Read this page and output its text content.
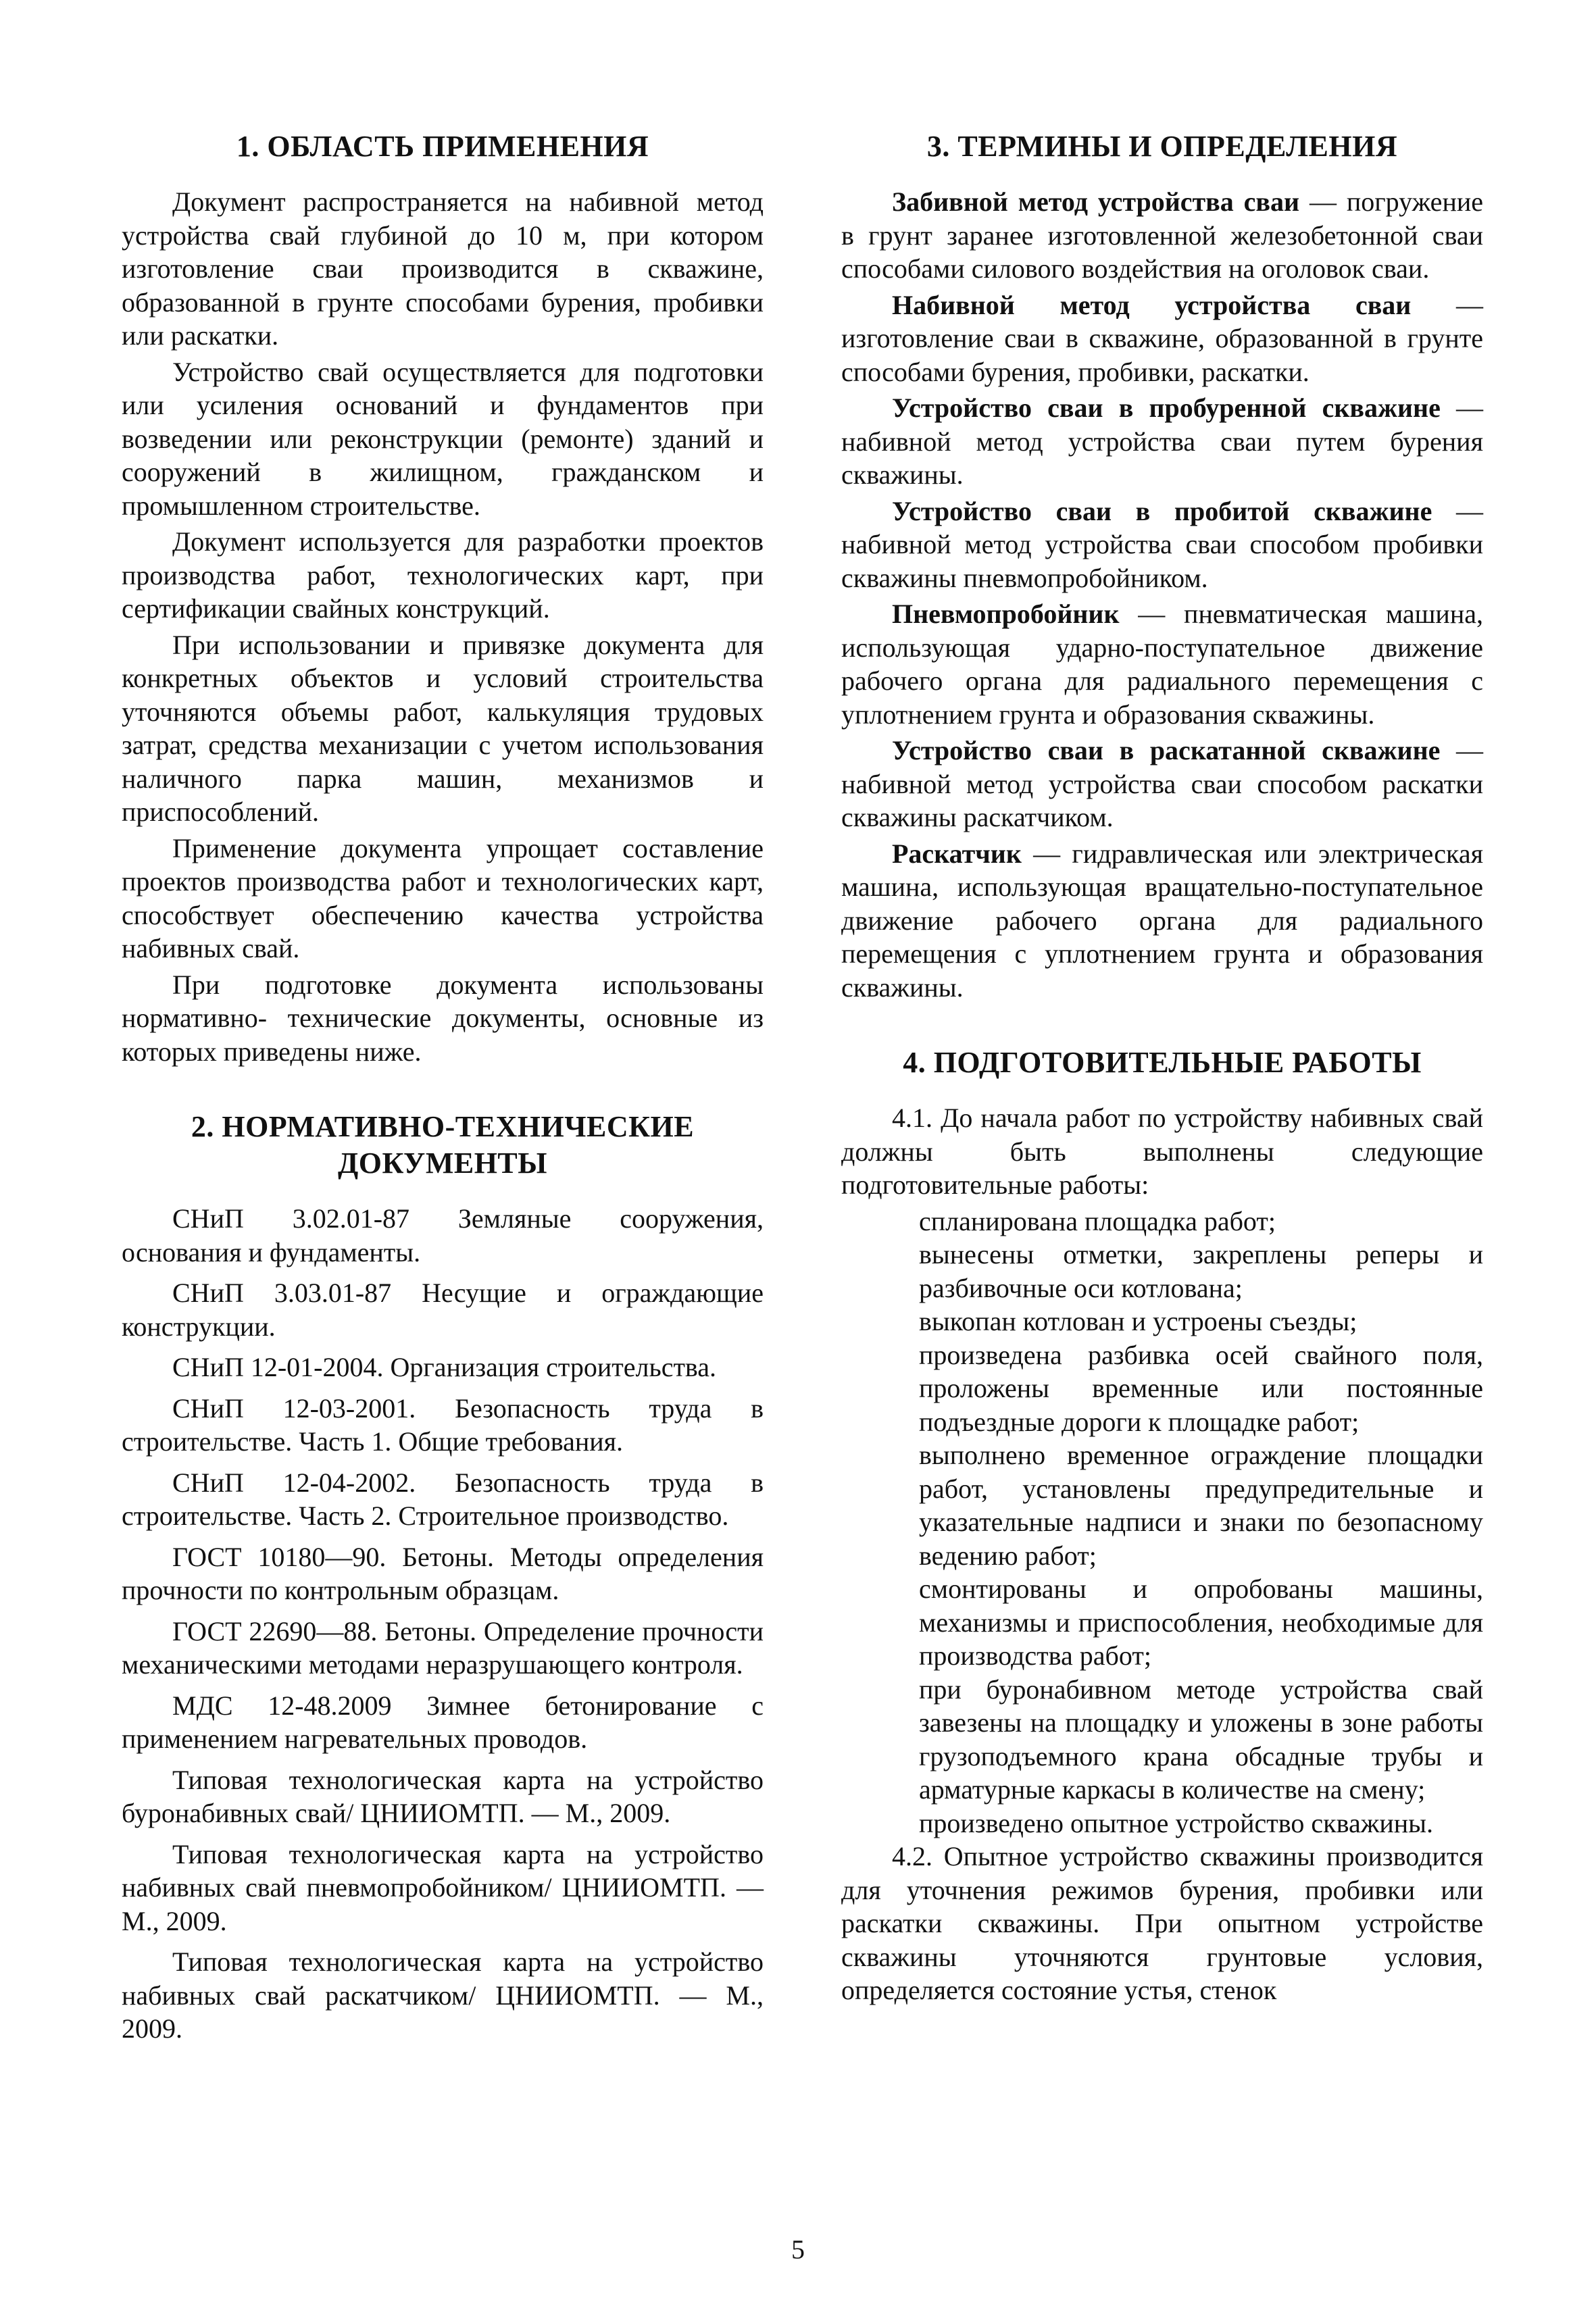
1. ОБЛАСТЬ ПРИМЕНЕНИЯ

Документ распространяется на набивной метод устройства свай глубиной до 10 м, при котором изготовление сваи производится в скважине, образованной в грунте способами бурения, пробивки или раскатки.

Устройство свай осуществляется для подготовки или усиления оснований и фундаментов при возведении или реконструкции (ремонте) зданий и сооружений в жилищном, гражданском и промышленном строительстве.

Документ используется для разработки проектов производства работ, технологических карт, при сертификации свайных конструкций.

При использовании и привязке документа для конкретных объектов и условий строительства уточняются объемы работ, калькуляция трудовых затрат, средства механизации с учетом использования наличного парка машин, механизмов и приспособлений.

Применение документа упрощает составление проектов производства работ и технологических карт, способствует обеспечению качества устройства набивных свай.

При подготовке документа использованы нормативно- технические документы, основные из которых приведены ниже.

2. НОРМАТИВНО-ТЕХНИЧЕСКИЕ ДОКУМЕНТЫ

СНиП 3.02.01-87 Земляные сооружения, основания и фундаменты.

СНиП 3.03.01-87 Несущие и ограждающие конструкции.

СНиП 12-01-2004. Организация строительства.

СНиП 12-03-2001. Безопасность труда в строительстве. Часть 1. Общие требования.

СНиП 12-04-2002. Безопасность труда в строительстве. Часть 2. Строительное производство.

ГОСТ 10180—90. Бетоны. Методы определения прочности по контрольным образцам.

ГОСТ 22690—88. Бетоны. Определение прочности механическими методами неразрушающего контроля.

МДС 12-48.2009 Зимнее бетонирование с применением нагревательных проводов.

Типовая технологическая карта на устройство буронабивных свай/ ЦНИИОМТП. — М., 2009.

Типовая технологическая карта на устройство набивных свай пневмопробойником/ ЦНИИОМТП. — М., 2009.

Типовая технологическая карта на устройство набивных свай раскатчиком/ ЦНИИОМТП. — М., 2009.

3. ТЕРМИНЫ И ОПРЕДЕЛЕНИЯ

Забивной метод устройства сваи — погружение в грунт заранее изготовленной железобетонной сваи способами силового воздействия на оголовок сваи.

Набивной метод устройства сваи — изготовление сваи в скважине, образованной в грунте способами бурения, пробивки, раскатки.

Устройство сваи в пробуренной скважине — набивной метод устройства сваи путем бурения скважины.

Устройство сваи в пробитой скважине — набивной метод устройства сваи способом пробивки скважины пневмопробойником.

Пневмопробойник — пневматическая машина, использующая ударно-поступательное движение рабочего органа для радиального перемещения с уплотнением грунта и образования скважины.

Устройство сваи в раскатанной скважине — набивной метод устройства сваи способом раскатки скважины раскатчиком.

Раскатчик — гидравлическая или электрическая машина, использующая вращательно-поступательное движение рабочего органа для радиального перемещения с уплотнением грунта и образования скважины.

4. ПОДГОТОВИТЕЛЬНЫЕ РАБОТЫ

4.1. До начала работ по устройству набивных свай должны быть выполнены следующие подготовительные работы:

спланирована площадка работ;
вынесены отметки, закреплены реперы и разбивочные оси котлована;
выкопан котлован и устроены съезды;
произведена разбивка осей свайного поля, проложены временные или постоянные подъездные дороги к площадке работ;
выполнено временное ограждение площадки работ, установлены предупредительные и указательные надписи и знаки по безопасному ведению работ;
смонтированы и опробованы машины, механизмы и приспособления, необходимые для производства работ;
при буронабивном методе устройства свай завезены на площадку и уложены в зоне работы грузоподъемного крана обсадные трубы и арматурные каркасы в количестве на смену;
произведено опытное устройство скважины.

4.2. Опытное устройство скважины производится для уточнения режимов бурения, пробивки или раскатки скважины. При опытном устройстве скважины уточняются грунтовые условия, определяется состояние устья, стенок

5
